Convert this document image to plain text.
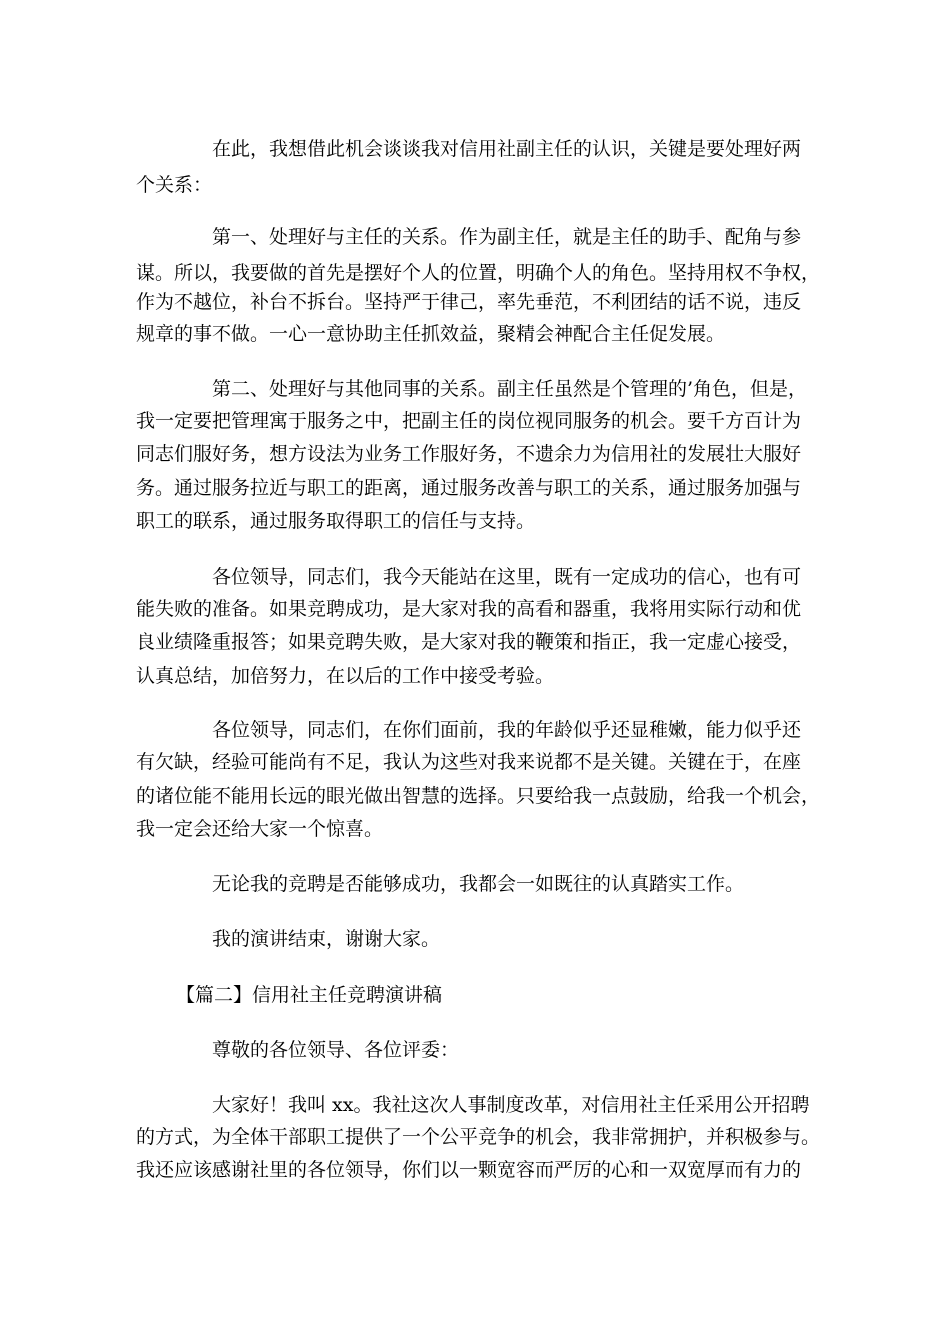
在此，我想借此机会谈谈我对信用社副主任的认识，关键是要处理好两
个关系：
第一、处理好与主任的关系。作为副主任，就是主任的助手、配角与参
谋。所以，我要做的首先是摆好个人的位置，明确个人的角色。坚持用权不争权，
作为不越位，补台不拆台。坚持严于律己，率先垂范，不利团结的话不说，违反
规章的事不做。一心一意协助主任抓效益，聚精会神配合主任促发展。
第二、处理好与其他同事的关系。副主任虽然是个管理的’角色，但是，
我一定要把管理寓于服务之中，把副主任的岗位视同服务的机会。要千方百计为
同志们服好务，想方设法为业务工作服好务，不遗余力为信用社的发展壮大服好
务。通过服务拉近与职工的距离，通过服务改善与职工的关系，通过服务加强与
职工的联系，通过服务取得职工的信任与支持。
各位领导，同志们，我今天能站在这里，既有一定成功的信心，也有可
能失败的准备。如果竞聘成功，是大家对我的高看和器重，我将用实际行动和优
良业绩隆重报答；如果竞聘失败，是大家对我的鞭策和指正，我一定虚心接受，
认真总结，加倍努力，在以后的工作中接受考验。
各位领导，同志们，在你们面前，我的年龄似乎还显稚嫩，能力似乎还
有欠缺，经验可能尚有不足，我认为这些对我来说都不是关键。关键在于，在座
的诸位能不能用长远的眼光做出智慧的选择。只要给我一点鼓励，给我一个机会，
我一定会还给大家一个惊喜。
无论我的竞聘是否能够成功，我都会一如既往的认真踏实工作。
我的演讲结束，谢谢大家。
【篇二】信用社主任竞聘演讲稿
尊敬的各位领导、各位评委：
大家好！我叫 xx。我社这次人事制度改革，对信用社主任采用公开招聘
的方式，为全体干部职工提供了一个公平竞争的机会，我非常拥护，并积极参与。
我还应该感谢社里的各位领导，你们以一颗宽容而严厉的心和一双宽厚而有力的
